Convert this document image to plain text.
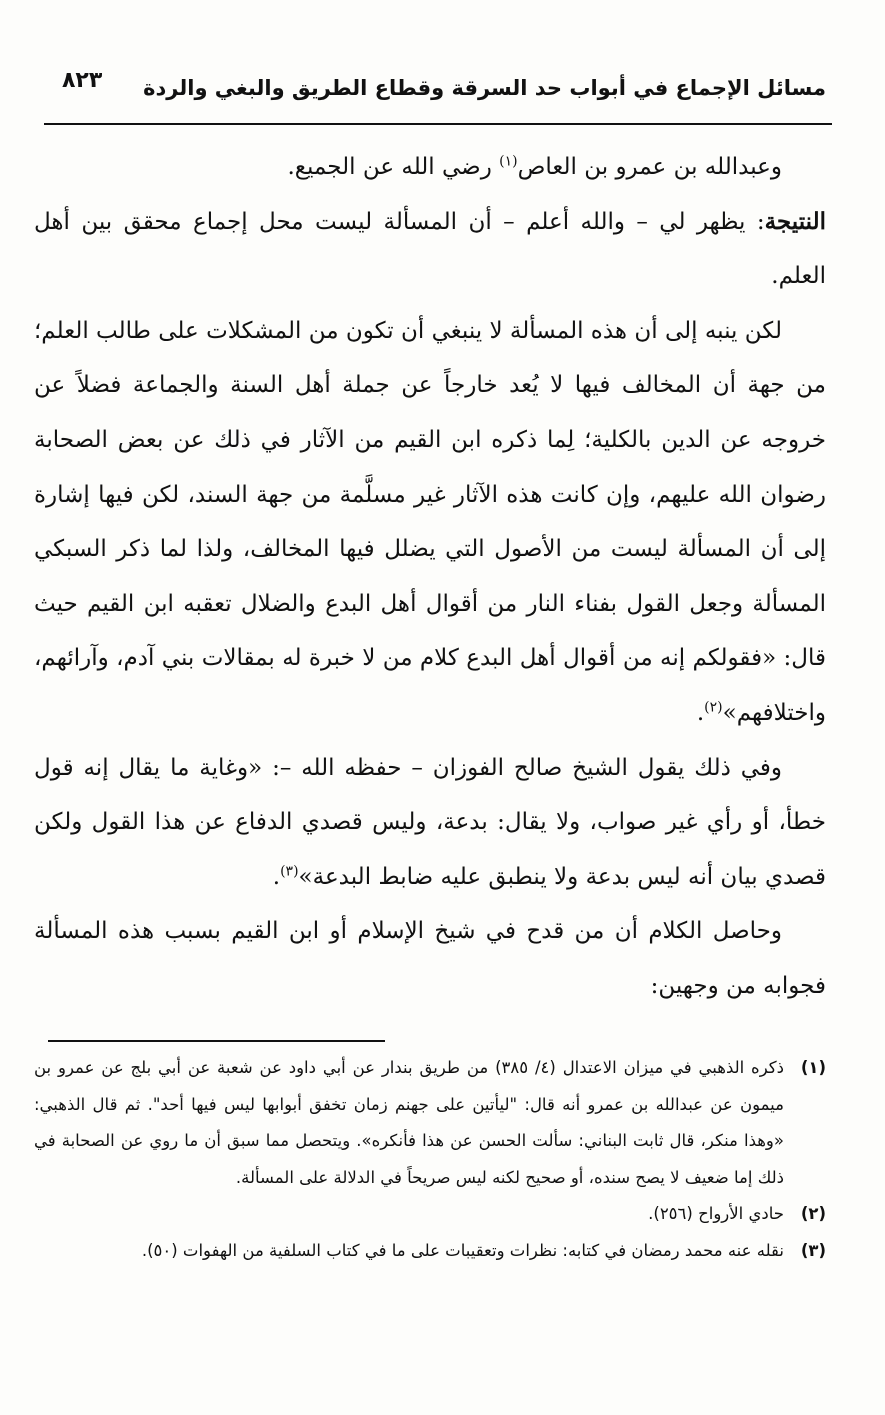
مسائل الإجماع في أبواب حد السرقة وقطاع الطريق والبغي والردة
٨٢٣

وعبدالله بن عمرو بن العاص$^{(١)}$ رضي الله عن الجميع.

النتيجة: يظهر لي – والله أعلم – أن المسألة ليست محل إجماع محقق بين أهل العلم.

لكن ينبه إلى أن هذه المسألة لا ينبغي أن تكون من المشكلات على طالب العلم؛ من جهة أن المخالف فيها لا يُعد خارجاً عن جملة أهل السنة والجماعة فضلاً عن خروجه عن الدين بالكلية؛ لِما ذكره ابن القيم من الآثار في ذلك عن بعض الصحابة رضوان الله عليهم، وإن كانت هذه الآثار غير مسلَّمة من جهة السند، لكن فيها إشارة إلى أن المسألة ليست من الأصول التي يضلل فيها المخالف، ولذا لما ذكر السبكي المسألة وجعل القول بفناء النار من أقوال أهل البدع والضلال تعقبه ابن القيم حيث قال: «فقولكم إنه من أقوال أهل البدع كلام من لا خبرة له بمقالات بني آدم، وآرائهم، واختلافهم»$^{(٢)}$.

وفي ذلك يقول الشيخ صالح الفوزان – حفظه الله –: «وغاية ما يقال إنه قول خطأ، أو رأي غير صواب، ولا يقال: بدعة، وليس قصدي الدفاع عن هذا القول ولكن قصدي بيان أنه ليس بدعة ولا ينطبق عليه ضابط البدعة»$^{(٣)}$.

وحاصل الكلام أن من قدح في شيخ الإسلام أو ابن القيم بسبب هذه المسألة فجوابه من وجهين:

(١)
ذكره الذهبي في ميزان الاعتدال (٤/ ٣٨٥) من طريق بندار عن أبي داود عن شعبة عن أبي بلج عن عمرو بن ميمون عن عبدالله بن عمرو أنه قال: "ليأتين على جهنم زمان تخفق أبوابها ليس فيها أحد". ثم قال الذهبي: «وهذا منكر، قال ثابت البناني: سألت الحسن عن هذا فأنكره». ويتحصل مما سبق أن ما روي عن الصحابة في ذلك إما ضعيف لا يصح سنده، أو صحيح لكنه ليس صريحاً في الدلالة على المسألة.
(٢)
حادي الأرواح (٢٥٦).
(٣)
نقله عنه محمد رمضان في كتابه: نظرات وتعقيبات على ما في كتاب السلفية من الهفوات (٥٠).
